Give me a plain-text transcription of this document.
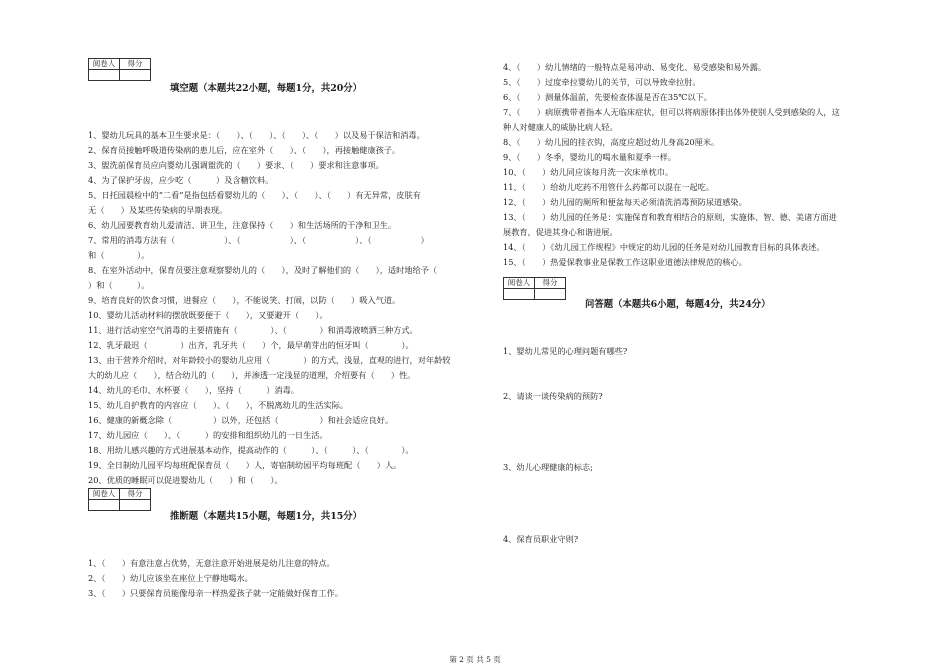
阅卷人	得分

填空题（本题共22小题，每题1分，共20分）
1、婴幼儿玩具的基本卫生要求是：（　　）、（　　）、（　　）、（　　）以及易于保洁和消毒。
2、保育员接触呼吸道传染病的患儿后，应在室外（　　）、（　　），再接触健康孩子。
3、盥洗前保育员应向婴幼儿强调盥洗的（　　）要求、（　　）要求和注意事项。
4、为了保护牙齿，应少吃（　　　）及含糖饮料。
5、日托园晨检中的“二看”是指包括看婴幼儿的（　　）、（　　）、（　　）有无异常，皮肤有
无（　　）及某些传染病的早期表现。
6、幼儿园要教育幼儿爱清洁、讲卫生，注意保持（　　）和生活场所的干净和卫生。
7、常用的消毒方法有（　　　　　　）、（　　　　　　）、（　　　　　　）、（　　　　　　）
和（　　　　）。
8、在室外活动中，保育员要注意观察婴幼儿的（　　），及时了解他们的（　　），适时地给予（
）和（　　　）。
9、培育良好的饮食习惯，进餐应（　　），不能说笑、打闹，以防（　　）吸入气道。
10、婴幼儿活动材料的摆放既要便于（　　），又要避开（　　）。
11、进行活动室空气消毒的主要措施有（　　　　）、（　　　　）和消毒液喷洒三种方式。
12、乳牙最迟（　　　　）出齐，乳牙共（　　）个，最早萌芽出的恒牙叫（　　　　）。
13、由于营养介绍时，对年龄较小的婴幼儿应用（　　　　）的方式，浅显，直观的进行，对年龄较
大的幼儿应（　　），结合幼儿的（　　），并渗透一定浅显的道理，介绍要有（　　）性。
14、幼儿的毛巾、水杯要（　　），坚持（　　　）消毒。
15、幼儿自护教育的内容应（　　）、（　　），不脱离幼儿的生活实际。
16、健康的新概念除（　　　　　）以外，还包括（　　　　　）和社会适应良好。
17、幼儿园应（　　）、（　　　）的安排和组织幼儿的一日生活。
18、用幼儿感兴趣的方式进展基本动作，提高动作的（　　　）、（　　　）、（　　　　）。
19、全日制幼儿园平均每班配保育员（　　）人，寄宿制幼园平均每班配（　　）人。
20、优质的睡眠可以促进婴幼儿（　　）和（　　）。
阅卷人	得分

推断题（本题共15小题，每题1分，共15分）
1、（　　）有意注意占优势，无意注意开始进展是幼儿注意的特点。
2、（　　）幼儿应该坐在座位上宁静地喝水。
3、（　　）只要保育员能像母亲一样热爱孩子就一定能做好保育工作。
4、（　　）幼儿情绪的一般特点是易冲动、易变化、易受感染和易外露。
5、（　　）过度牵拉婴幼儿的关节，可以导致牵拉肘。
6、（　　）测量体温前，先要检查体温是否在35℃以下。
7、（　　）病原携带者指本人无临床症状，但可以将病原体排出体外使别人受到感染的人，这
种人对健康人的威胁比病人轻。
8、（　　）幼儿园的挂衣钩，高度应超过幼儿身高20厘米。
9、（　　）冬季，婴幼儿的喝水量和夏季一样。
10、（　　）幼儿同应该每月洗一次床单枕巾。
11、（　　）给幼儿吃药不用管什么药都可以混在一起吃。
12、（　　）幼儿园的厕所和便盆每天必须清洗消毒预防尿道感染。
13、（　　）幼儿园的任务是：实施保育和教育相结合的原则，实施体、智、德、美诸方面进
展教育，促进其身心和谐进展。
14、（　　）《幼儿园工作规程》中规定的幼儿园的任务是对幼儿园教育目标的具体表述。
15、（　　）热爱保教事业是保教工作这职业道德法律规范的核心。
阅卷人	得分

问答题（本题共6小题，每题4分，共24分）
1、婴幼儿常见的心理问题有哪些?
2、请谈一谈传染病的预防?
3、幼儿心理健康的标志;
4、保育员职业守则?
第 2 页 共 5 页
